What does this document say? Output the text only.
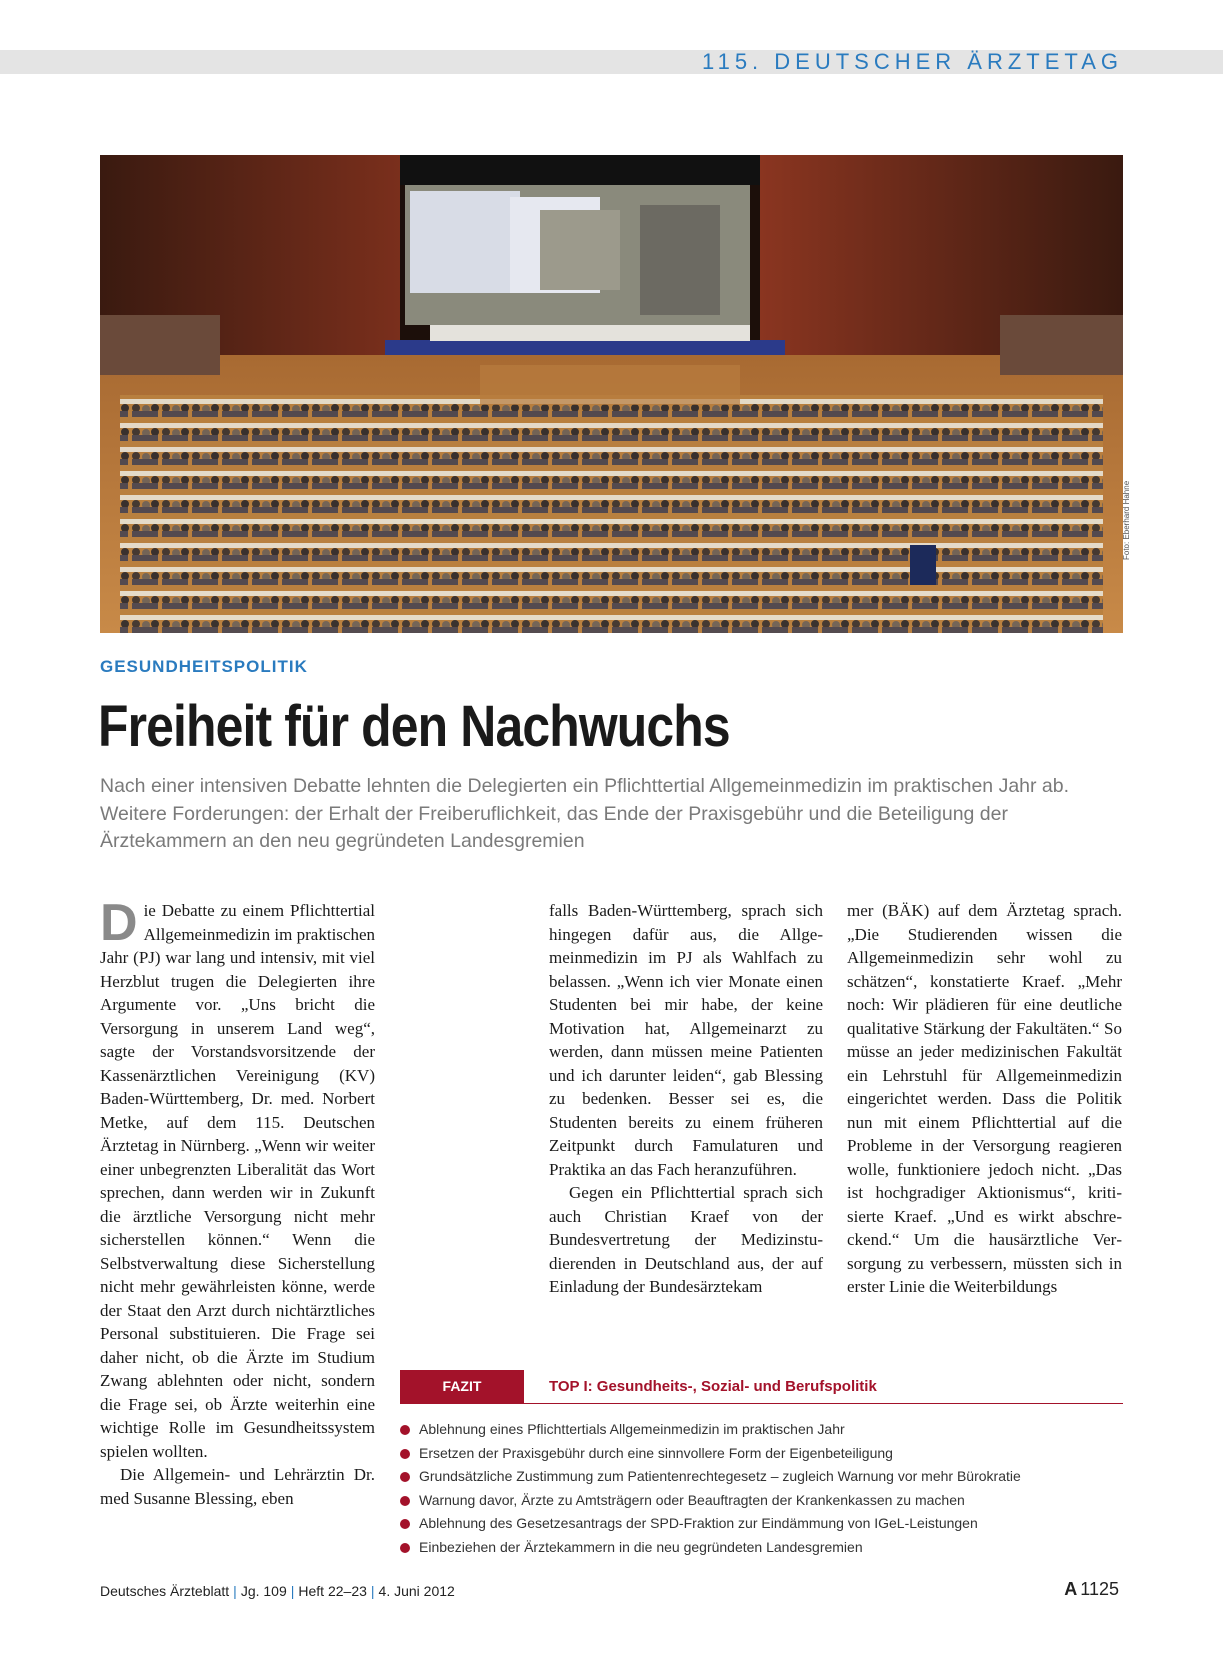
115. DEUTSCHER ÄRZTETAG
Foto: Eberhard Hahne
GESUNDHEITSPOLITIK
Freiheit für den Nachwuchs

Nach einer intensiven Debatte lehnten die Delegierten ein Pflichttertial Allgemeinmedizin im praktischen Jahr ab. Weitere Forderungen: der Erhalt der Freiberuflichkeit, das Ende der Praxisgebühr und die Beteiligung der Ärztekammern an den neu gegründeten Landesgremien

Die Debatte zu einem Pflichttertial Allgemeinmedizin im praktischen Jahr (PJ) war lang und intensiv, mit viel Herzblut trugen die Delegierten ihre Argumente vor. „Uns bricht die Versorgung in unserem Land weg“, sagte der Vorstandsvorsitzende der Kassenärztlichen Vereinigung (KV) Baden-Württemberg, Dr. med. Norbert Metke, auf dem 115. Deutschen Ärztetag in Nürnberg. „Wenn wir weiter einer unbegrenzten Liberalität das Wort sprechen, dann werden wir in Zukunft die ärztliche Versorgung nicht mehr sicherstellen können.“ Wenn die Selbstverwaltung diese Sicherstellung nicht mehr gewährleisten könne, werde der Staat den Arzt durch nichtärztliches Personal substituieren. Die Frage sei daher nicht, ob die Ärzte im Studium Zwang ablehnten oder nicht, sondern die Frage sei, ob Ärzte weiterhin eine wichtige Rolle im Gesundheitssystem spielen wollten.

Die Allgemein- und Lehrärztin Dr. med Susanne Blessing, eben

falls Baden-Württemberg, sprach sich hingegen dafür aus, die Allgemeinmedizin im PJ als Wahlfach zu belassen. „Wenn ich vier Monate einen Studenten bei mir habe, der keine Motivation hat, Allgemeinarzt zu werden, dann müssen meine Patienten und ich darunter leiden“, gab Blessing zu bedenken. Besser sei es, die Studenten bereits zu einem früheren Zeitpunkt durch Famulaturen und Praktika an das Fach heranzuführen.

Gegen ein Pflichttertial sprach sich auch Christian Kraef von der Bundesvertretung der Medizinstudierenden in Deutschland aus, der auf Einladung der Bundesärztekam

mer (BÄK) auf dem Ärztetag sprach. „Die Studierenden wissen die Allgemeinmedizin sehr wohl zu schätzen“, konstatierte Kraef. „Mehr noch: Wir plädieren für eine deutliche qualitative Stärkung der Fakultäten.“ So müsse an jeder medizinischen Fakultät ein Lehrstuhl für Allgemeinmedizin eingerichtet werden. Dass die Politik nun mit einem Pflichttertial auf die Probleme in der Versorgung reagieren wolle, funktioniere jedoch nicht. „Das ist hochgradiger Aktionismus“, kritisierte Kraef. „Und es wirkt abschreckend.“ Um die hausärztliche Versorgung zu verbessern, müssten sich in erster Linie die Weiterbildungs

FAZIT	TOP I: Gesundheits-, Sozial- und Berufspolitik
Ablehnung eines Pflichttertials Allgemeinmedizin im praktischen Jahr
Ersetzen der Praxisgebühr durch eine sinnvollere Form der Eigenbeteiligung
Grundsätzliche Zustimmung zum Patientenrechtegesetz – zugleich Warnung vor mehr Bürokratie
Warnung davor, Ärzte zu Amtsträgern oder Beauftragten der Krankenkassen zu machen
Ablehnung des Gesetzesantrags der SPD-Fraktion zur Eindämmung von IGeL-Leistungen
Einbeziehen der Ärztekammern in die neu gegründeten Landesgremien
Deutsches Ärzteblatt | Jg. 109 | Heft 22–23 | 4. Juni 2012	A 1125
